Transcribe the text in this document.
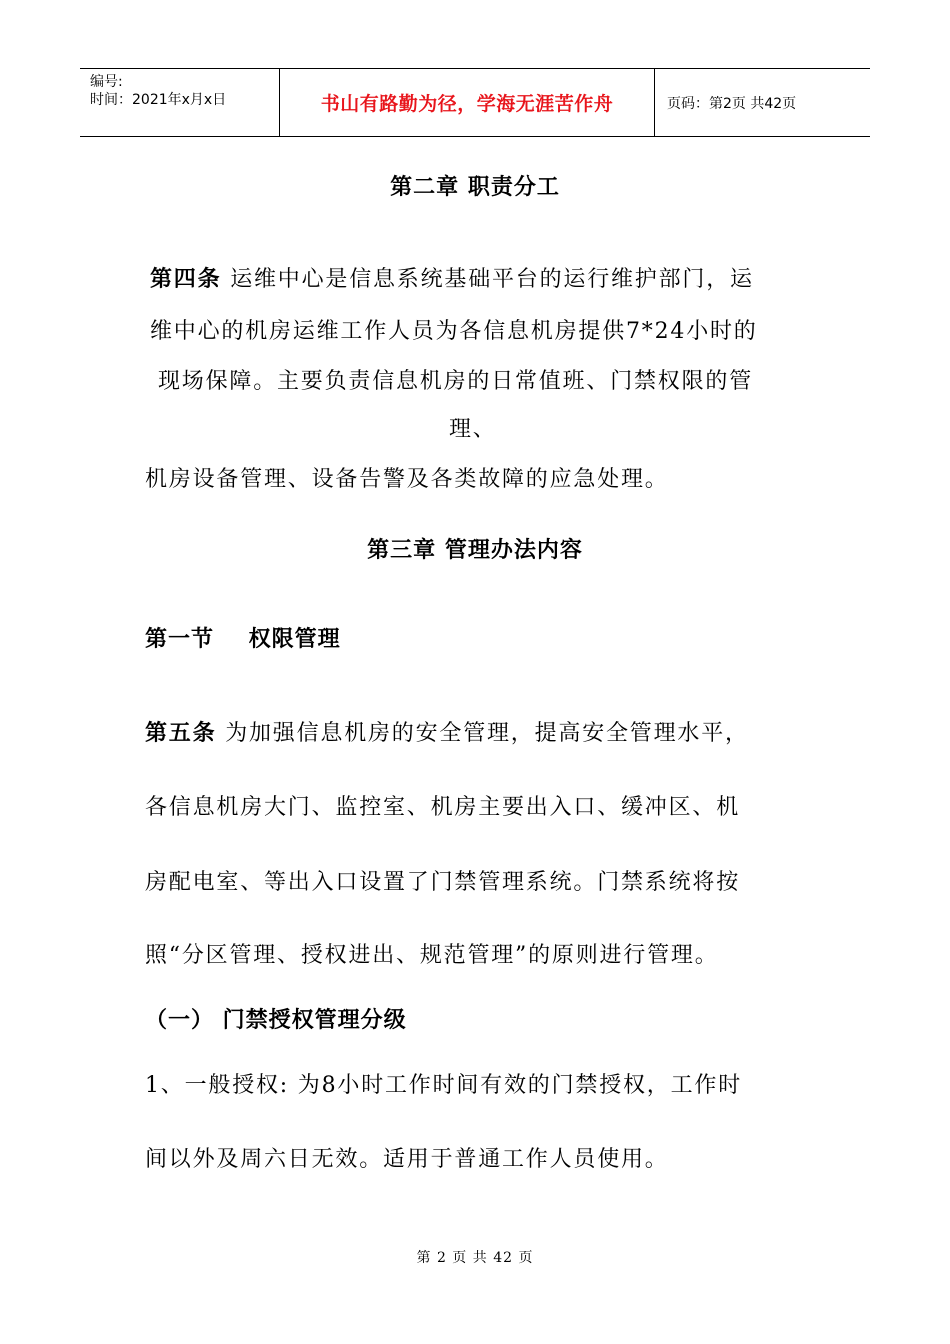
编号:
时间：2021年x月x日	书山有路勤为径，学海无涯苦作舟	页码：第2页 共42页
第二章 职责分工
第四条 运维中心是信息系统基础平台的运行维护部门，运
维中心的机房运维工作人员为各信息机房提供7*24小时的
现场保障。主要负责信息机房的日常值班、门禁权限的管
理、
机房设备管理、设备告警及各类故障的应急处理。
第三章 管理办法内容
第一节    权限管理
第五条 为加强信息机房的安全管理，提高安全管理水平，
各信息机房大门、监控室、机房主要出入口、缓冲区、机
房配电室、等出入口设置了门禁管理系统。门禁系统将按
照“分区管理、授权进出、规范管理”的原则进行管理。
（一） 门禁授权管理分级
1、一般授权: 为8小时工作时间有效的门禁授权，工作时
间以外及周六日无效。适用于普通工作人员使用。
第 2 页 共 42 页
